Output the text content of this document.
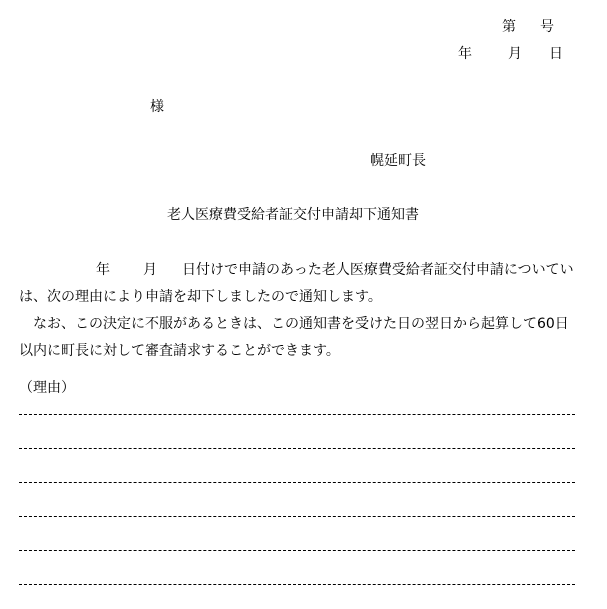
第 号
年	月 日
様
幌延町長
老人医療費受給者証交付申請却下通知書
年 月 日付けで申請のあった老人医療費受給者証交付申請についてい
は、次の理由により申請を却下しましたので通知します。
　なお、この決定に不服があるときは、この通知書を受けた日の翌日から起算して60日
以内に町長に対して審査請求することができます。
（理由）
